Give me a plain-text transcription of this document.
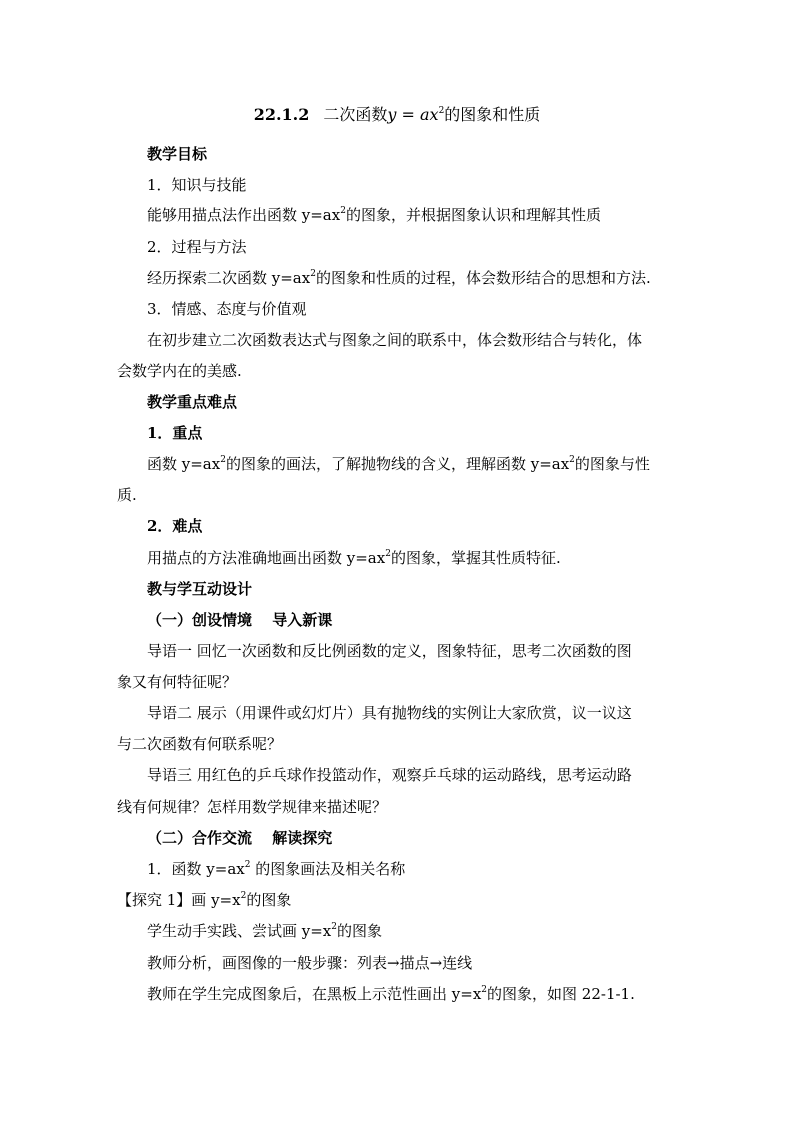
22.1.2 二次函数$y = ax^2$的图象和性质
教学目标
1．知识与技能
能够用描点法作出函数 $y=ax^2$的图象，并根据图象认识和理解其性质
2．过程与方法
经历探索二次函数 $y=ax^2$的图象和性质的过程，体会数形结合的思想和方法.
3．情感、态度与价值观
在初步建立二次函数表达式与图象之间的联系中，体会数形结合与转化，体
会数学内在的美感.
教学重点难点
1．重点
函数 $y=ax^2$的图象的画法，了解抛物线的含义，理解函数 $y=ax^2$的图象与性
质.
2．难点
用描点的方法准确地画出函数 $y=ax^2$的图象，掌握其性质特征.
教与学互动设计
（一）创设情境　 导入新课
导语一 回忆一次函数和反比例函数的定义，图象特征，思考二次函数的图
象又有何特征呢？
导语二 展示（用课件或幻灯片）具有抛物线的实例让大家欣赏，议一议这
与二次函数有何联系呢？
导语三 用红色的乒乓球作投篮动作，观察乒乓球的运动路线，思考运动路
线有何规律？怎样用数学规律来描述呢？
（二）合作交流　 解读探究
1．函数 $y=ax^2$ 的图象画法及相关名称
【探究 1】画 $y=x^2$的图象
学生动手实践、尝试画 $y=x^2$的图象
教师分析，画图像的一般步骤：列表→描点→连线
教师在学生完成图象后，在黑板上示范性画出 $y=x^2$的图象，如图 22-1-1.
